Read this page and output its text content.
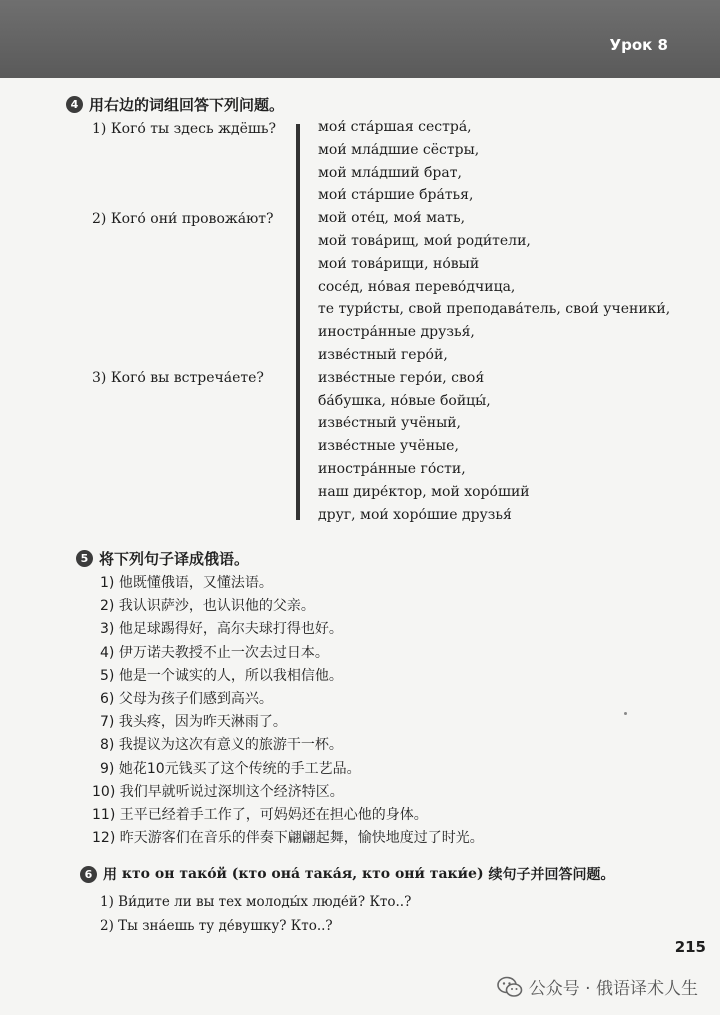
Урок 8
4 用右边的词组回答下列问题。
1) Кого́ ты здесь ждёшь?
2) Кого́ они́ провожа́ют?
3) Кого́ вы встреча́ете?
моя́ ста́ршая сестра́,
мои́ мла́дшие сёстры,
мой мла́дший брат,
мои́ ста́ршие бра́тья,
мой оте́ц, моя́ мать,
мой това́рищ, мои́ роди́тели,
мои́ това́рищи, но́вый
сосе́д, но́вая перево́дчица,
те тури́сты, свой преподава́тель, свои́ ученики́,
иностра́нные друзья́,
изве́стный геро́й,
изве́стные геро́и, своя́
ба́бушка, но́вые бойцы́,
изве́стный учёный,
изве́стные учёные,
иностра́нные го́сти,
наш дире́ктор, мой хоро́ший
друг, мои́ хоро́шие друзья́
5 将下列句子译成俄语。
1) 他既懂俄语，又懂法语。
2) 我认识萨沙，也认识他的父亲。
3) 他足球踢得好，高尔夫球打得也好。
4) 伊万诺夫教授不止一次去过日本。
5) 他是一个诚实的人，所以我相信他。
6) 父母为孩子们感到高兴。
7) 我头疼，因为昨天淋雨了。
8) 我提议为这次有意义的旅游干一杯。
9) 她花10元钱买了这个传统的手工艺品。
10) 我们早就听说过深圳这个经济特区。
11) 王平已经着手工作了，可妈妈还在担心他的身体。
12) 昨天游客们在音乐的伴奏下翩翩起舞，愉快地度过了时光。
6 用
кто он тако́й (кто она́ така́я, кто они́ таки́е)
续句子并回答问题。
1) Ви́дите ли вы тех молоды́х люде́й? Кто..?
2) Ты зна́ешь ту де́вушку? Кто..?
215
公众号 · 俄语译术人生
